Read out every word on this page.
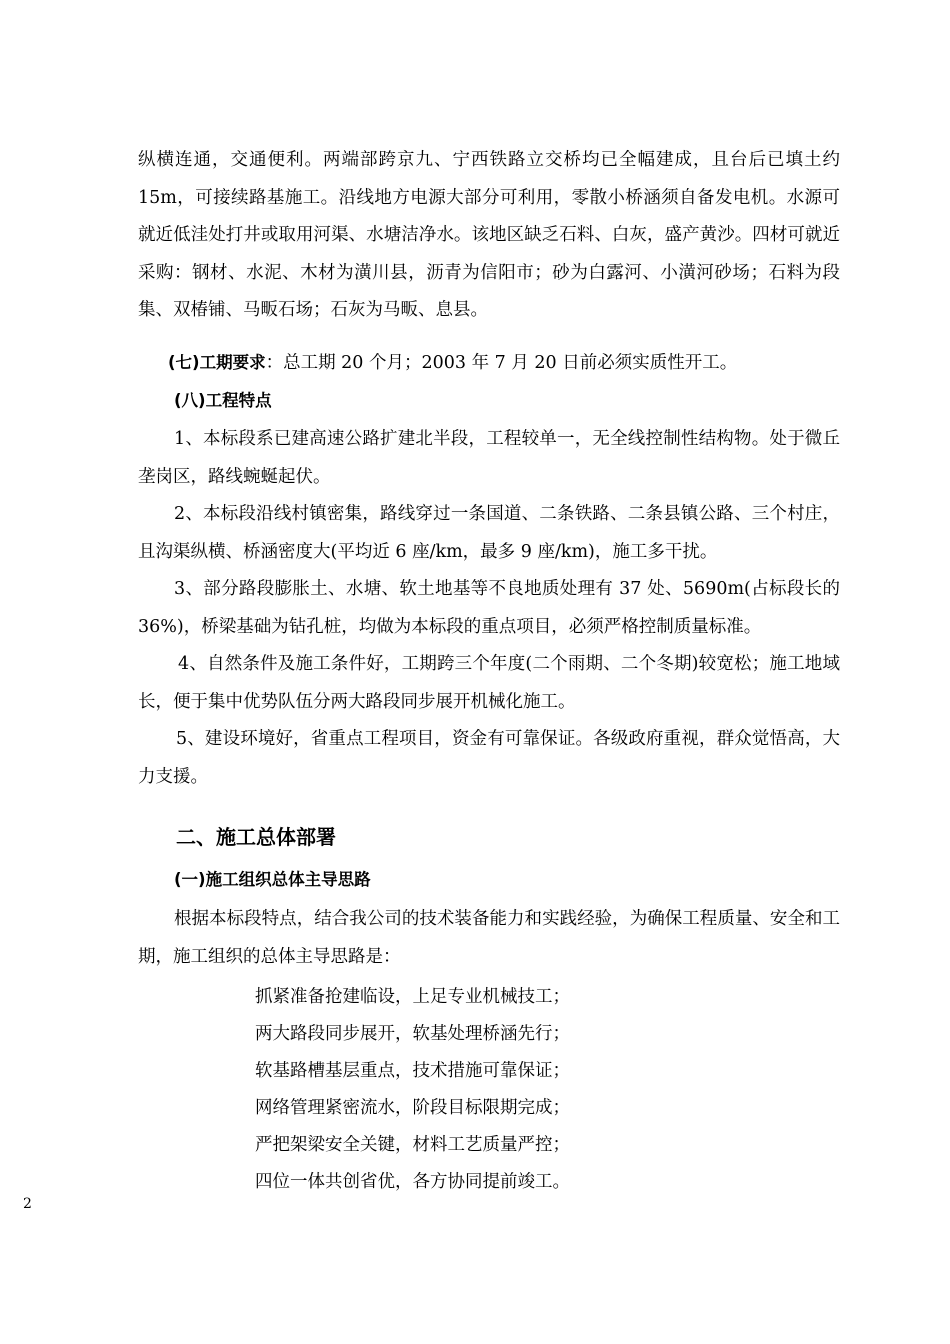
纵横连通，交通便利。两端部跨京九、宁西铁路立交桥均已全幅建成，且台后已填土约15m，可接续路基施工。沿线地方电源大部分可利用，零散小桥涵须自备发电机。水源可就近低洼处打井或取用河渠、水塘洁净水。该地区缺乏石料、白灰，盛产黄沙。四材可就近采购：钢材、水泥、木材为潢川县，沥青为信阳市；砂为白露河、小潢河砂场；石料为段集、双椿铺、马畈石场；石灰为马畈、息县。

(七)工期要求：总工期 20 个月；2003 年 7 月 20 日前必须实质性开工。

(八)工程特点

1、本标段系已建高速公路扩建北半段，工程较单一，无全线控制性结构物。处于微丘垄岗区，路线蜿蜒起伏。

2、本标段沿线村镇密集，路线穿过一条国道、二条铁路、二条县镇公路、三个村庄，且沟渠纵横、桥涵密度大(平均近 6 座/km，最多 9 座/km)，施工多干扰。

3、部分路段膨胀土、水塘、软土地基等不良地质处理有 37 处、5690m(占标段长的 36%)，桥梁基础为钻孔桩，均做为本标段的重点项目，必须严格控制质量标准。

4、自然条件及施工条件好，工期跨三个年度(二个雨期、二个冬期)较宽松；施工地域长，便于集中优势队伍分两大路段同步展开机械化施工。

5、建设环境好，省重点工程项目，资金有可靠保证。各级政府重视，群众觉悟高，大力支援。

二、施工总体部署

(一)施工组织总体主导思路

根据本标段特点，结合我公司的技术装备能力和实践经验，为确保工程质量、安全和工期，施工组织的总体主导思路是：

抓紧准备抢建临设，上足专业机械技工；
两大路段同步展开，软基处理桥涵先行；
软基路槽基层重点，技术措施可靠保证；
网络管理紧密流水，阶段目标限期完成；
严把架梁安全关键，材料工艺质量严控；
四位一体共创省优，各方协同提前竣工。
2
